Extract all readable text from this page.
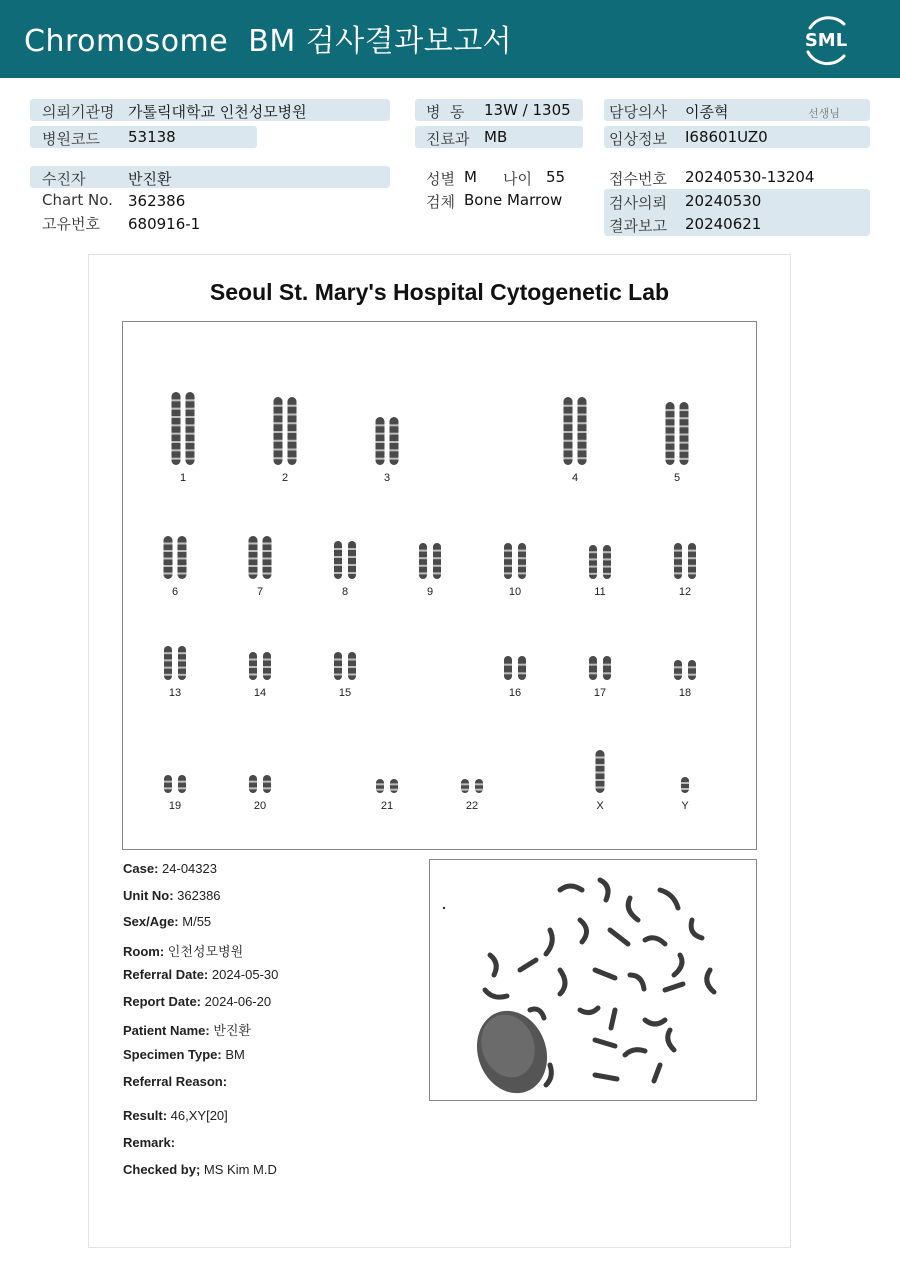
Chromosome  BM 검사결과보고서	SML
의뢰기관명 가톨릭대학교 인천성모병원
병원코드 53138
병  동 13W / 1305
진료과 MB
담당의사 이종혁	선생님
임상정보 I68601UZ0
수진자	반진환
Chart No. 362386
고유번호 680916-1
성별 M 나이 55
검체 Bone Marrow
접수번호 20240530-13204
검사의뢰 20240530
결과보고 20240621
Seoul St. Mary's Hospital Cytogenetic Lab
1	2	3	4	5
6	7	8	9	10	11	12
13	14	15	16	17	18
19	20	21	22	X	Y
Case: 24-04323
Unit No: 362386
Sex/Age: M/55
Room: 인천성모병원
Referral Date: 2024-05-30
Report Date: 2024-06-20
Patient Name: 반진환
Specimen Type: BM
Referral Reason:
Result: 46,XY[20]
Remark:
Checked by; MS Kim M.D
